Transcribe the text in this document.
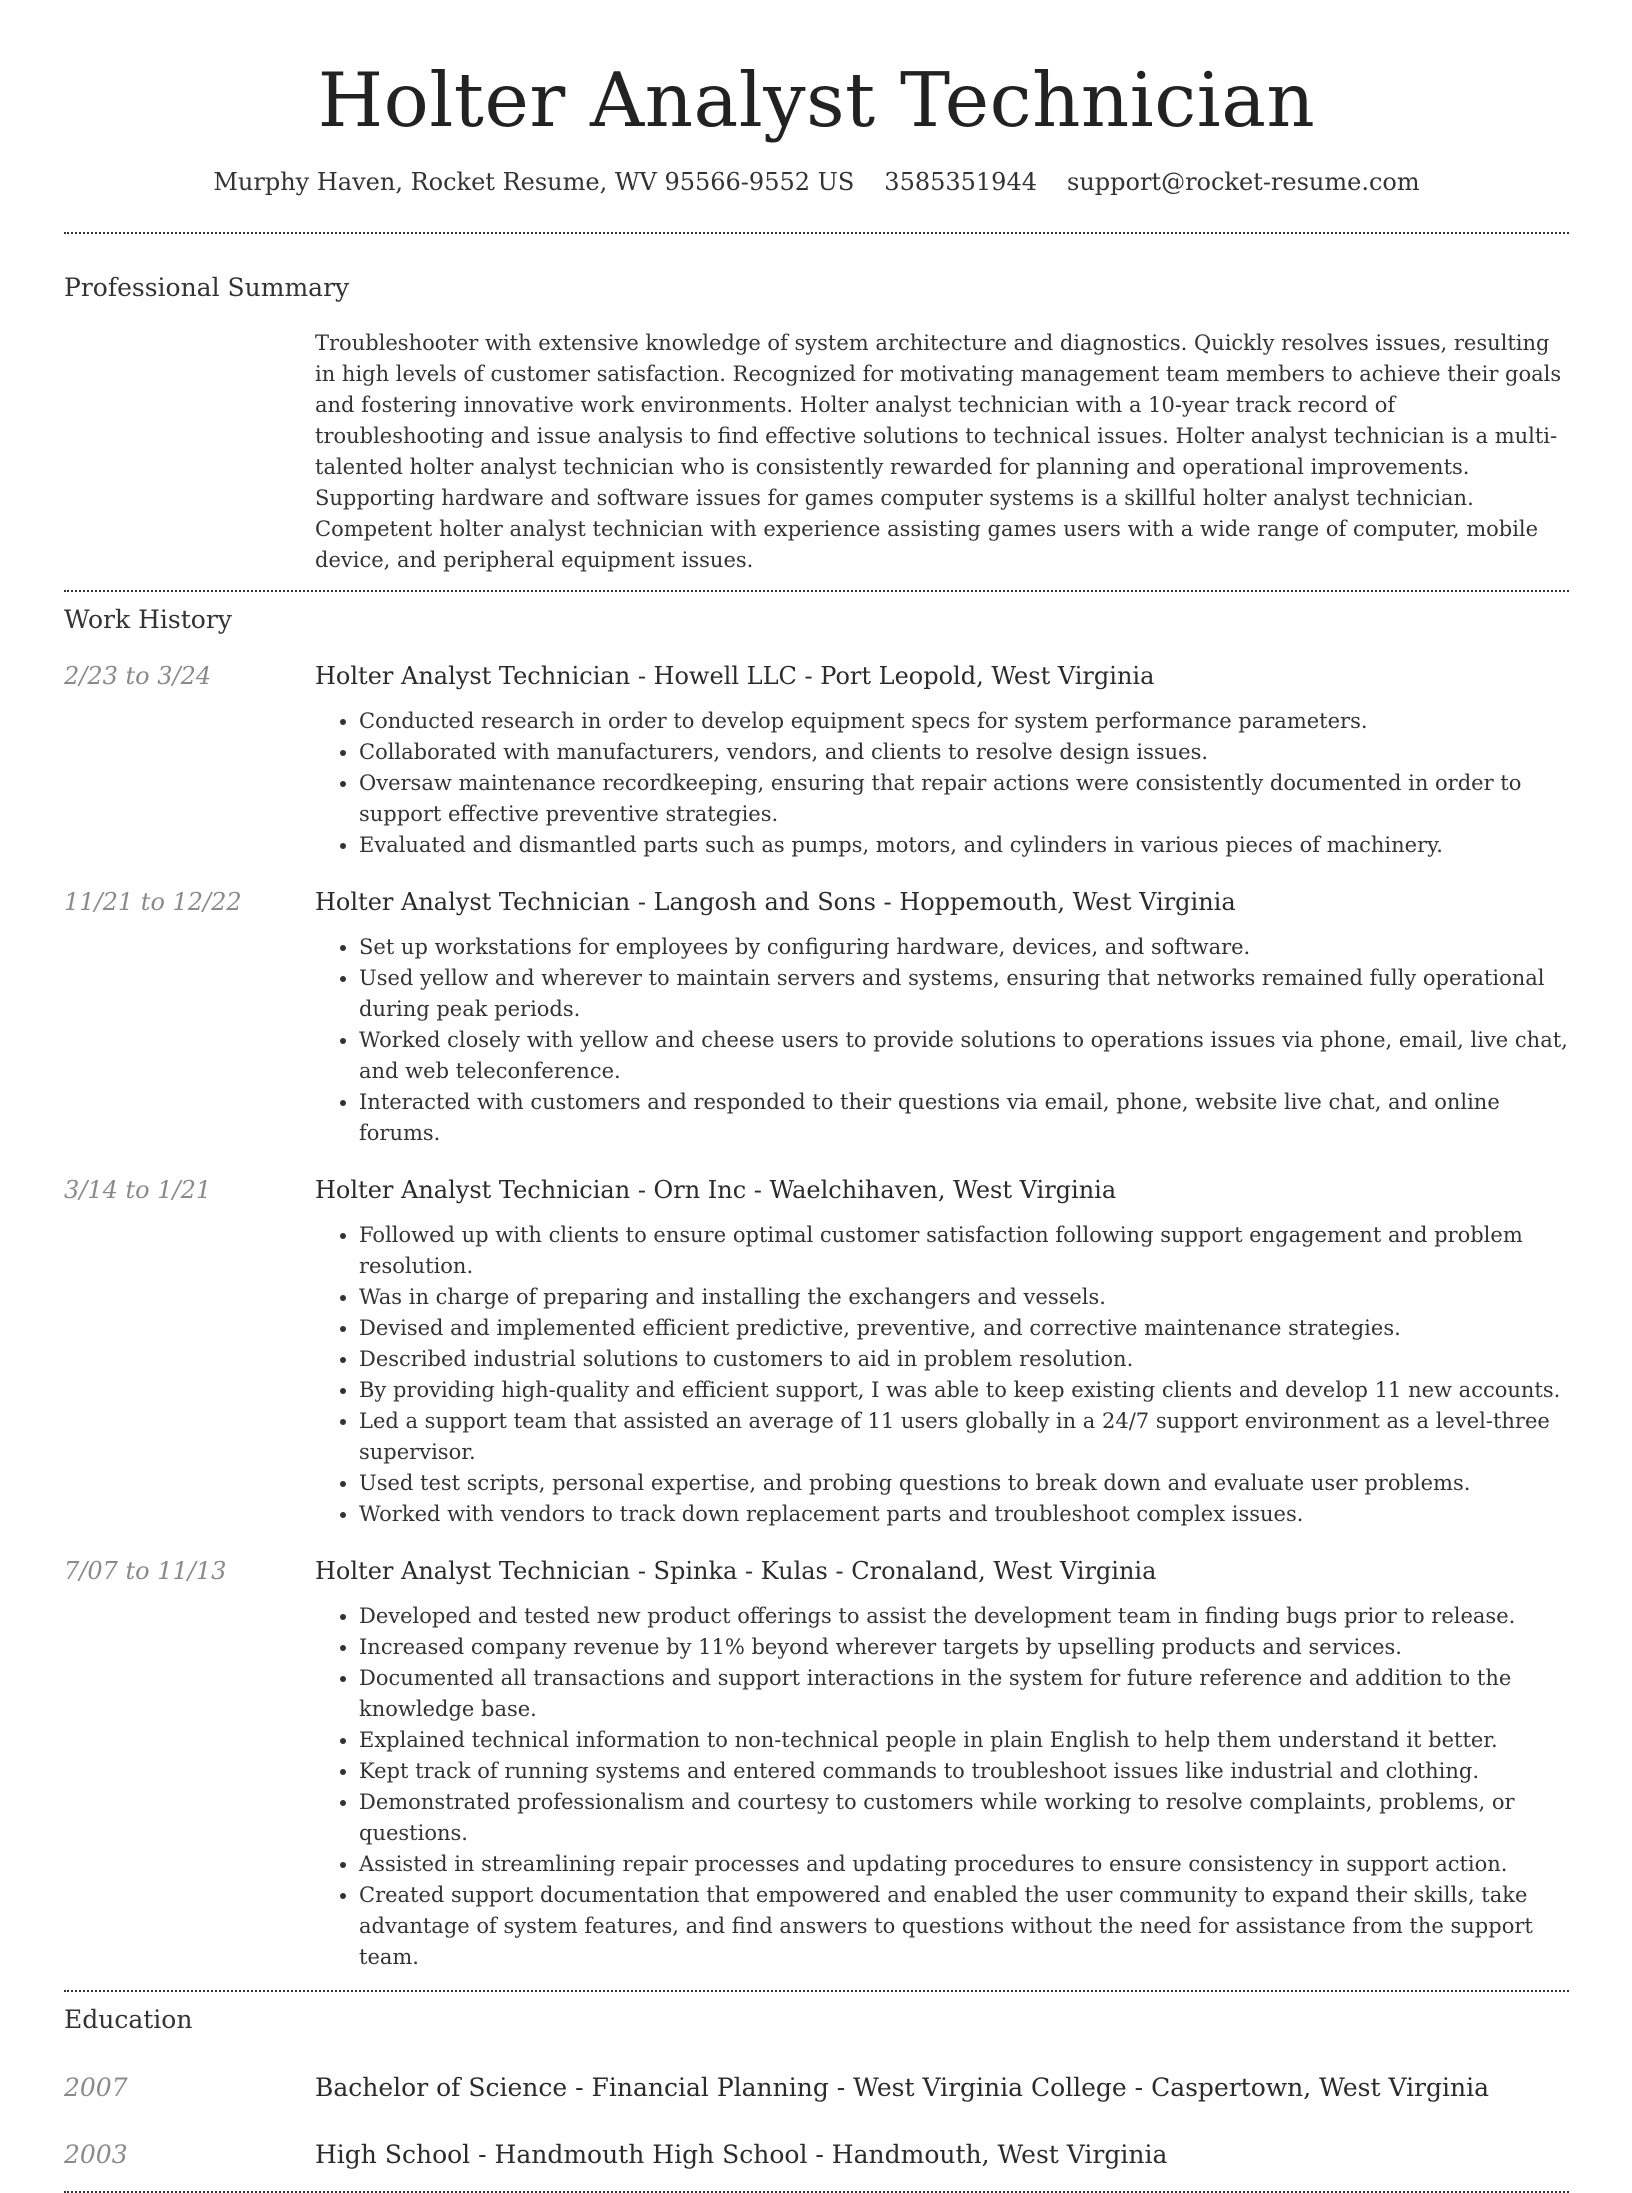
Holter Analyst Technician
Murphy Haven, Rocket Resume, WV 95566-9552 US 3585351944 support@rocket-resume.com
Professional Summary

Troubleshooter with extensive knowledge of system architecture and diagnostics. Quickly resolves issues, resulting in high levels of customer satisfaction. Recognized for motivating management team members to achieve their goals and fostering innovative work environments. Holter analyst technician with a 10-year track record of troubleshooting and issue analysis to find effective solutions to technical issues. Holter analyst technician is a multi-talented holter analyst technician who is consistently rewarded for planning and operational improvements. Supporting hardware and software issues for games computer systems is a skillful holter analyst technician. Competent holter analyst technician with experience assisting games users with a wide range of computer, mobile device, and peripheral equipment issues.

Work History
2/23 to 3/24	Holter Analyst Technician - Howell LLC - Port Leopold, West Virginia
• Conducted research in order to develop equipment specs for system performance parameters.
• Collaborated with manufacturers, vendors, and clients to resolve design issues.
• Oversaw maintenance recordkeeping, ensuring that repair actions were consistently documented in order to support effective preventive strategies.
• Evaluated and dismantled parts such as pumps, motors, and cylinders in various pieces of machinery.
11/21 to 12/22	Holter Analyst Technician - Langosh and Sons - Hoppemouth, West Virginia
• Set up workstations for employees by configuring hardware, devices, and software.
• Used yellow and wherever to maintain servers and systems, ensuring that networks remained fully operational during peak periods.
• Worked closely with yellow and cheese users to provide solutions to operations issues via phone, email, live chat, and web teleconference.
• Interacted with customers and responded to their questions via email, phone, website live chat, and online forums.
3/14 to 1/21	Holter Analyst Technician - Orn Inc - Waelchihaven, West Virginia
• Followed up with clients to ensure optimal customer satisfaction following support engagement and problem resolution.
• Was in charge of preparing and installing the exchangers and vessels.
• Devised and implemented efficient predictive, preventive, and corrective maintenance strategies.
• Described industrial solutions to customers to aid in problem resolution.
• By providing high-quality and efficient support, I was able to keep existing clients and develop 11 new accounts.
• Led a support team that assisted an average of 11 users globally in a 24/7 support environment as a level-three supervisor.
• Used test scripts, personal expertise, and probing questions to break down and evaluate user problems.
• Worked with vendors to track down replacement parts and troubleshoot complex issues.
7/07 to 11/13	Holter Analyst Technician - Spinka - Kulas - Cronaland, West Virginia
• Developed and tested new product offerings to assist the development team in finding bugs prior to release.
• Increased company revenue by 11% beyond wherever targets by upselling products and services.
• Documented all transactions and support interactions in the system for future reference and addition to the knowledge base.
• Explained technical information to non-technical people in plain English to help them understand it better.
• Kept track of running systems and entered commands to troubleshoot issues like industrial and clothing.
• Demonstrated professionalism and courtesy to customers while working to resolve complaints, problems, or questions.
• Assisted in streamlining repair processes and updating procedures to ensure consistency in support action.
• Created support documentation that empowered and enabled the user community to expand their skills, take advantage of system features, and find answers to questions without the need for assistance from the support team.
Education
2007	Bachelor of Science - Financial Planning - West Virginia College - Caspertown, West Virginia
2003	High School - Handmouth High School - Handmouth, West Virginia
